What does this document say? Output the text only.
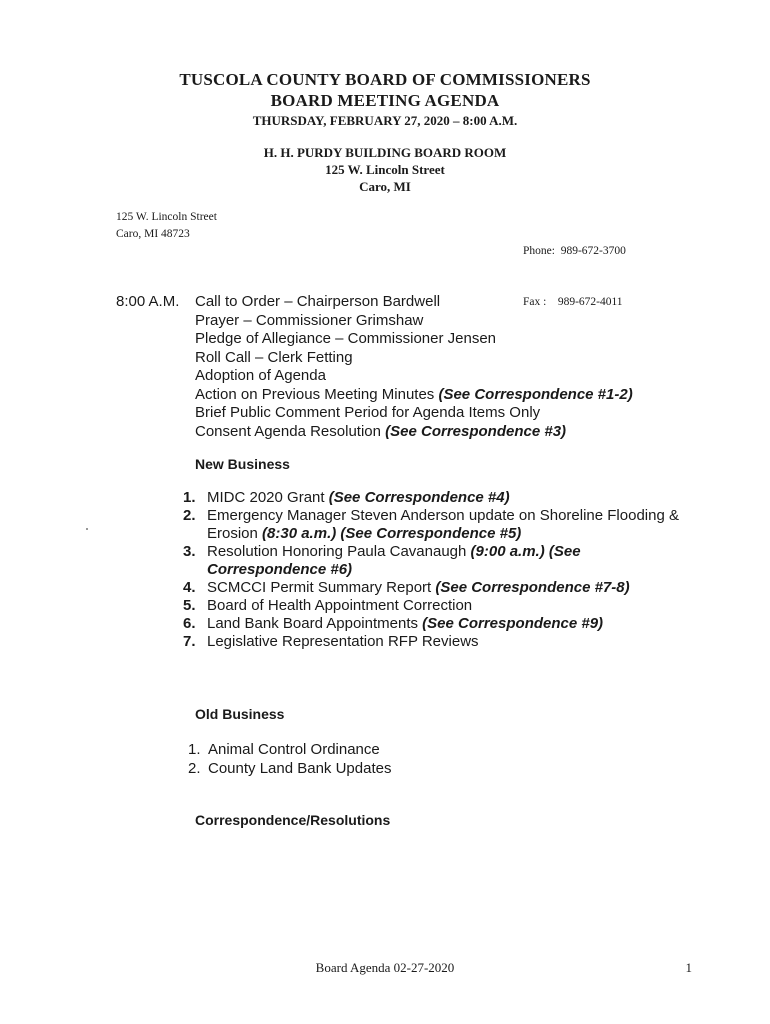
TUSCOLA COUNTY BOARD OF COMMISSIONERS
BOARD MEETING AGENDA
THURSDAY, FEBRUARY 27, 2020 – 8:00 A.M.
H. H. PURDY BUILDING BOARD ROOM
125 W. Lincoln Street
Caro, MI
125 W. Lincoln Street
Caro, MI 48723

Phone:  989-672-3700

Fax :    989-672-4011

8:00 A.M. Call to Order – Chairperson Bardwell
Prayer – Commissioner Grimshaw
Pledge of Allegiance – Commissioner Jensen
Roll Call – Clerk Fetting
Adoption of Agenda
Action on Previous Meeting Minutes (See Correspondence #1-2)
Brief Public Comment Period for Agenda Items Only
Consent Agenda Resolution (See Correspondence #3)
New Business
1. MIDC 2020 Grant (See Correspondence #4)
2. Emergency Manager Steven Anderson update on Shoreline Flooding & Erosion (8:30 a.m.) (See Correspondence #5)
3. Resolution Honoring Paula Cavanaugh (9:00 a.m.) (See Correspondence #6)
4. SCMCCI Permit Summary Report (See Correspondence #7-8)
5. Board of Health Appointment Correction
6. Land Bank Board Appointments (See Correspondence #9)
7. Legislative Representation RFP Reviews
Old Business
1. Animal Control Ordinance
2. County Land Bank Updates
Correspondence/Resolutions
Board Agenda 02-27-2020	1
